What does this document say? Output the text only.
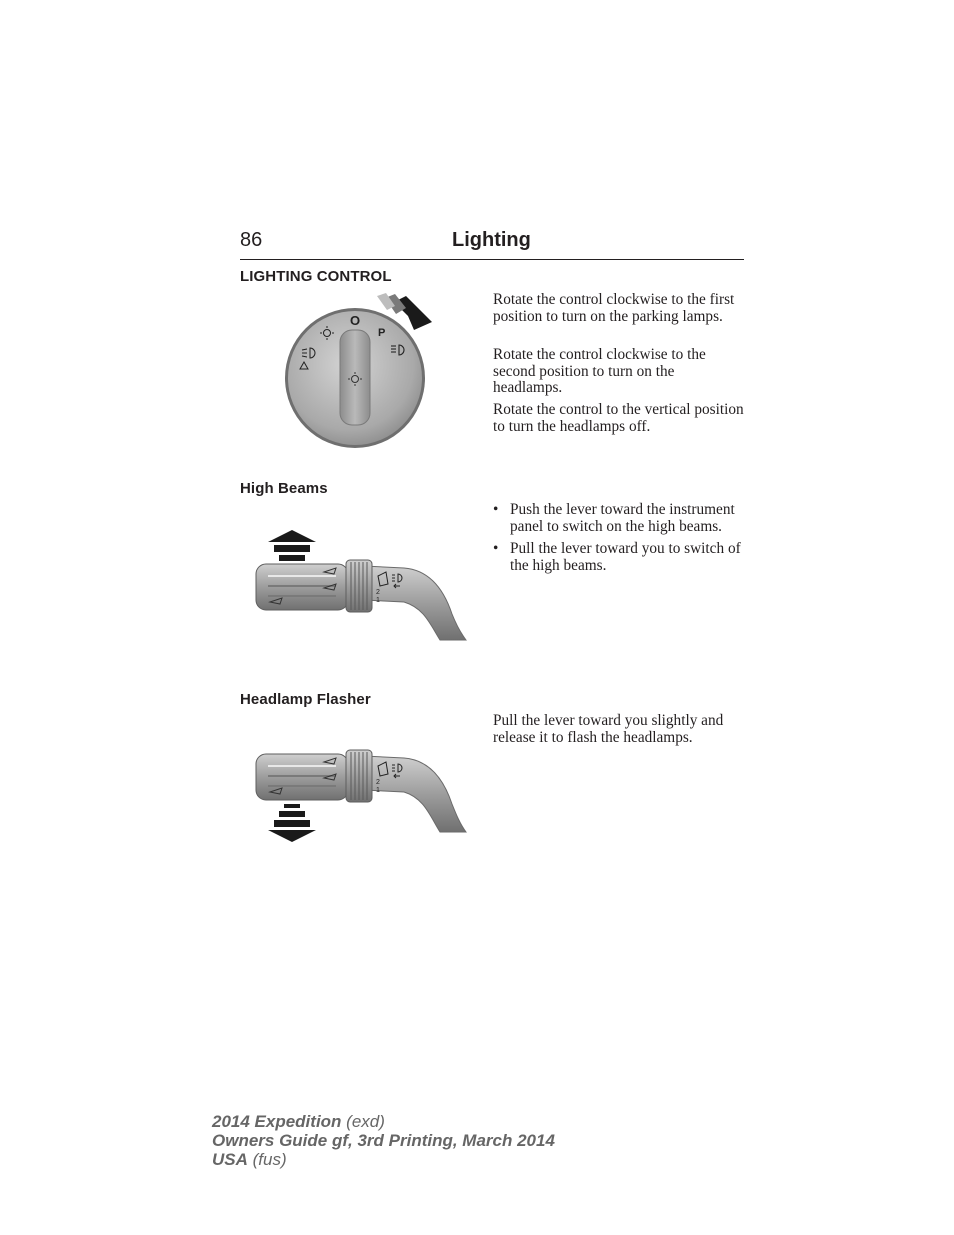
86	Lighting
LIGHTING CONTROL
O
P

Rotate the control clockwise to the first position to turn on the parking lamps.

Rotate the control clockwise to the second position to turn on the headlamps.

Rotate the control to the vertical position to turn the headlamps off.

High Beams
2
1
• Push the lever toward the instrument panel to switch on the high beams.
• Pull the lever toward you to switch of the high beams.
Headlamp Flasher
2
1

Pull the lever toward you slightly and release it to flash the headlamps.

2014 Expedition (exd)
Owners Guide gf, 3rd Printing, March 2014
USA (fus)
